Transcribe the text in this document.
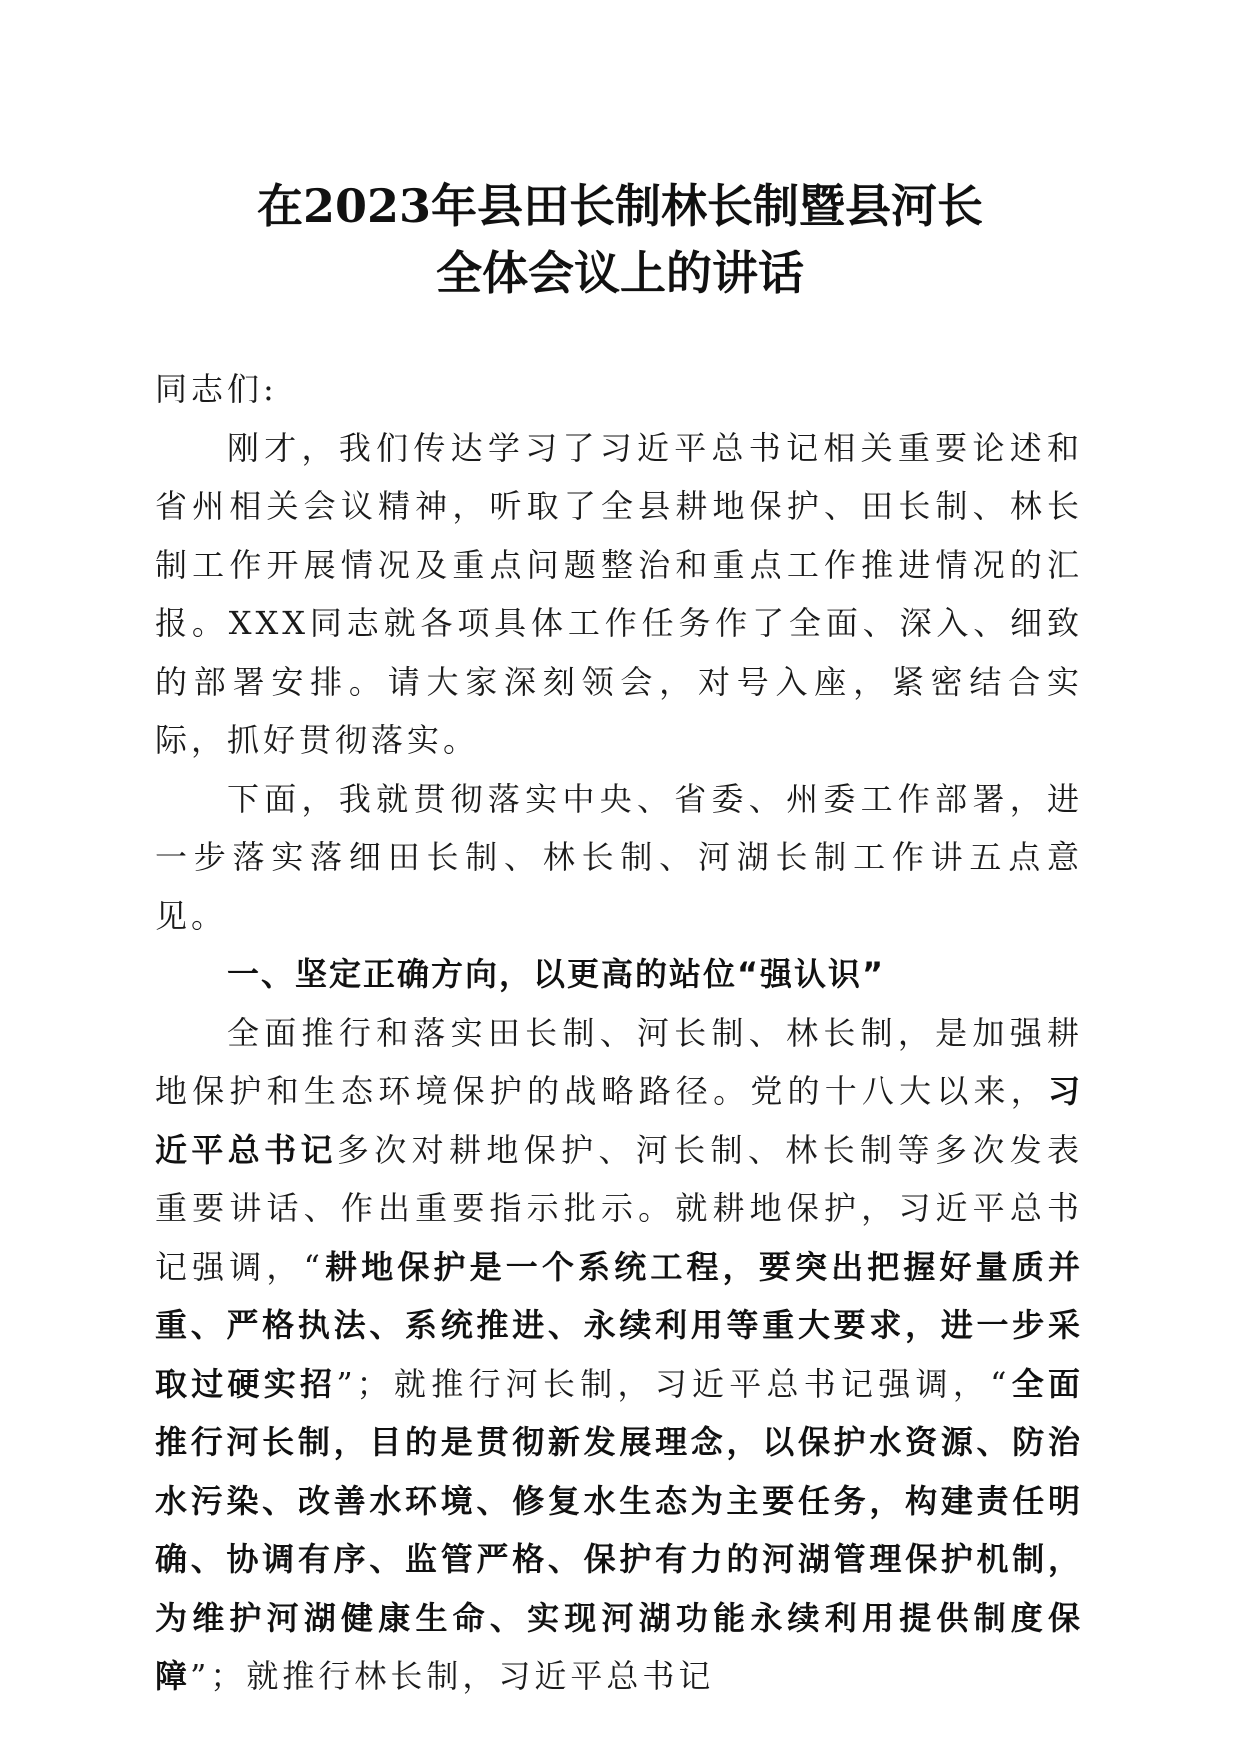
在2023年县田长制林长制暨县河长
全体会议上的讲话

同志们:

刚才，我们传达学习了习近平总书记相关重要论述和省州相关会议精神，听取了全县耕地保护、田长制、林长制工作开展情况及重点问题整治和重点工作推进情况的汇报。XXX同志就各项具体工作任务作了全面、深入、细致的部署安排。请大家深刻领会，对号入座，紧密结合实际，抓好贯彻落实。

下面，我就贯彻落实中央、省委、州委工作部署，进一步落实落细田长制、林长制、河湖长制工作讲五点意见。

一、坚定正确方向，以更高的站位“强认识”

全面推行和落实田长制、河长制、林长制，是加强耕地保护和生态环境保护的战略路径。党的十八大以来，习近平总书记多次对耕地保护、河长制、林长制等多次发表重要讲话、作出重要指示批示。就耕地保护，习近平总书记强调，“耕地保护是一个系统工程，要突出把握好量质并重、严格执法、系统推进、永续利用等重大要求，进一步采取过硬实招”；就推行河长制，习近平总书记强调，“全面推行河长制，目的是贯彻新发展理念，以保护水资源、防治水污染、改善水环境、修复水生态为主要任务，构建责任明确、协调有序、监管严格、保护有力的河湖管理保护机制，为维护河湖健康生命、实现河湖功能永续利用提供制度保障”；就推行林长制，习近平总书记
